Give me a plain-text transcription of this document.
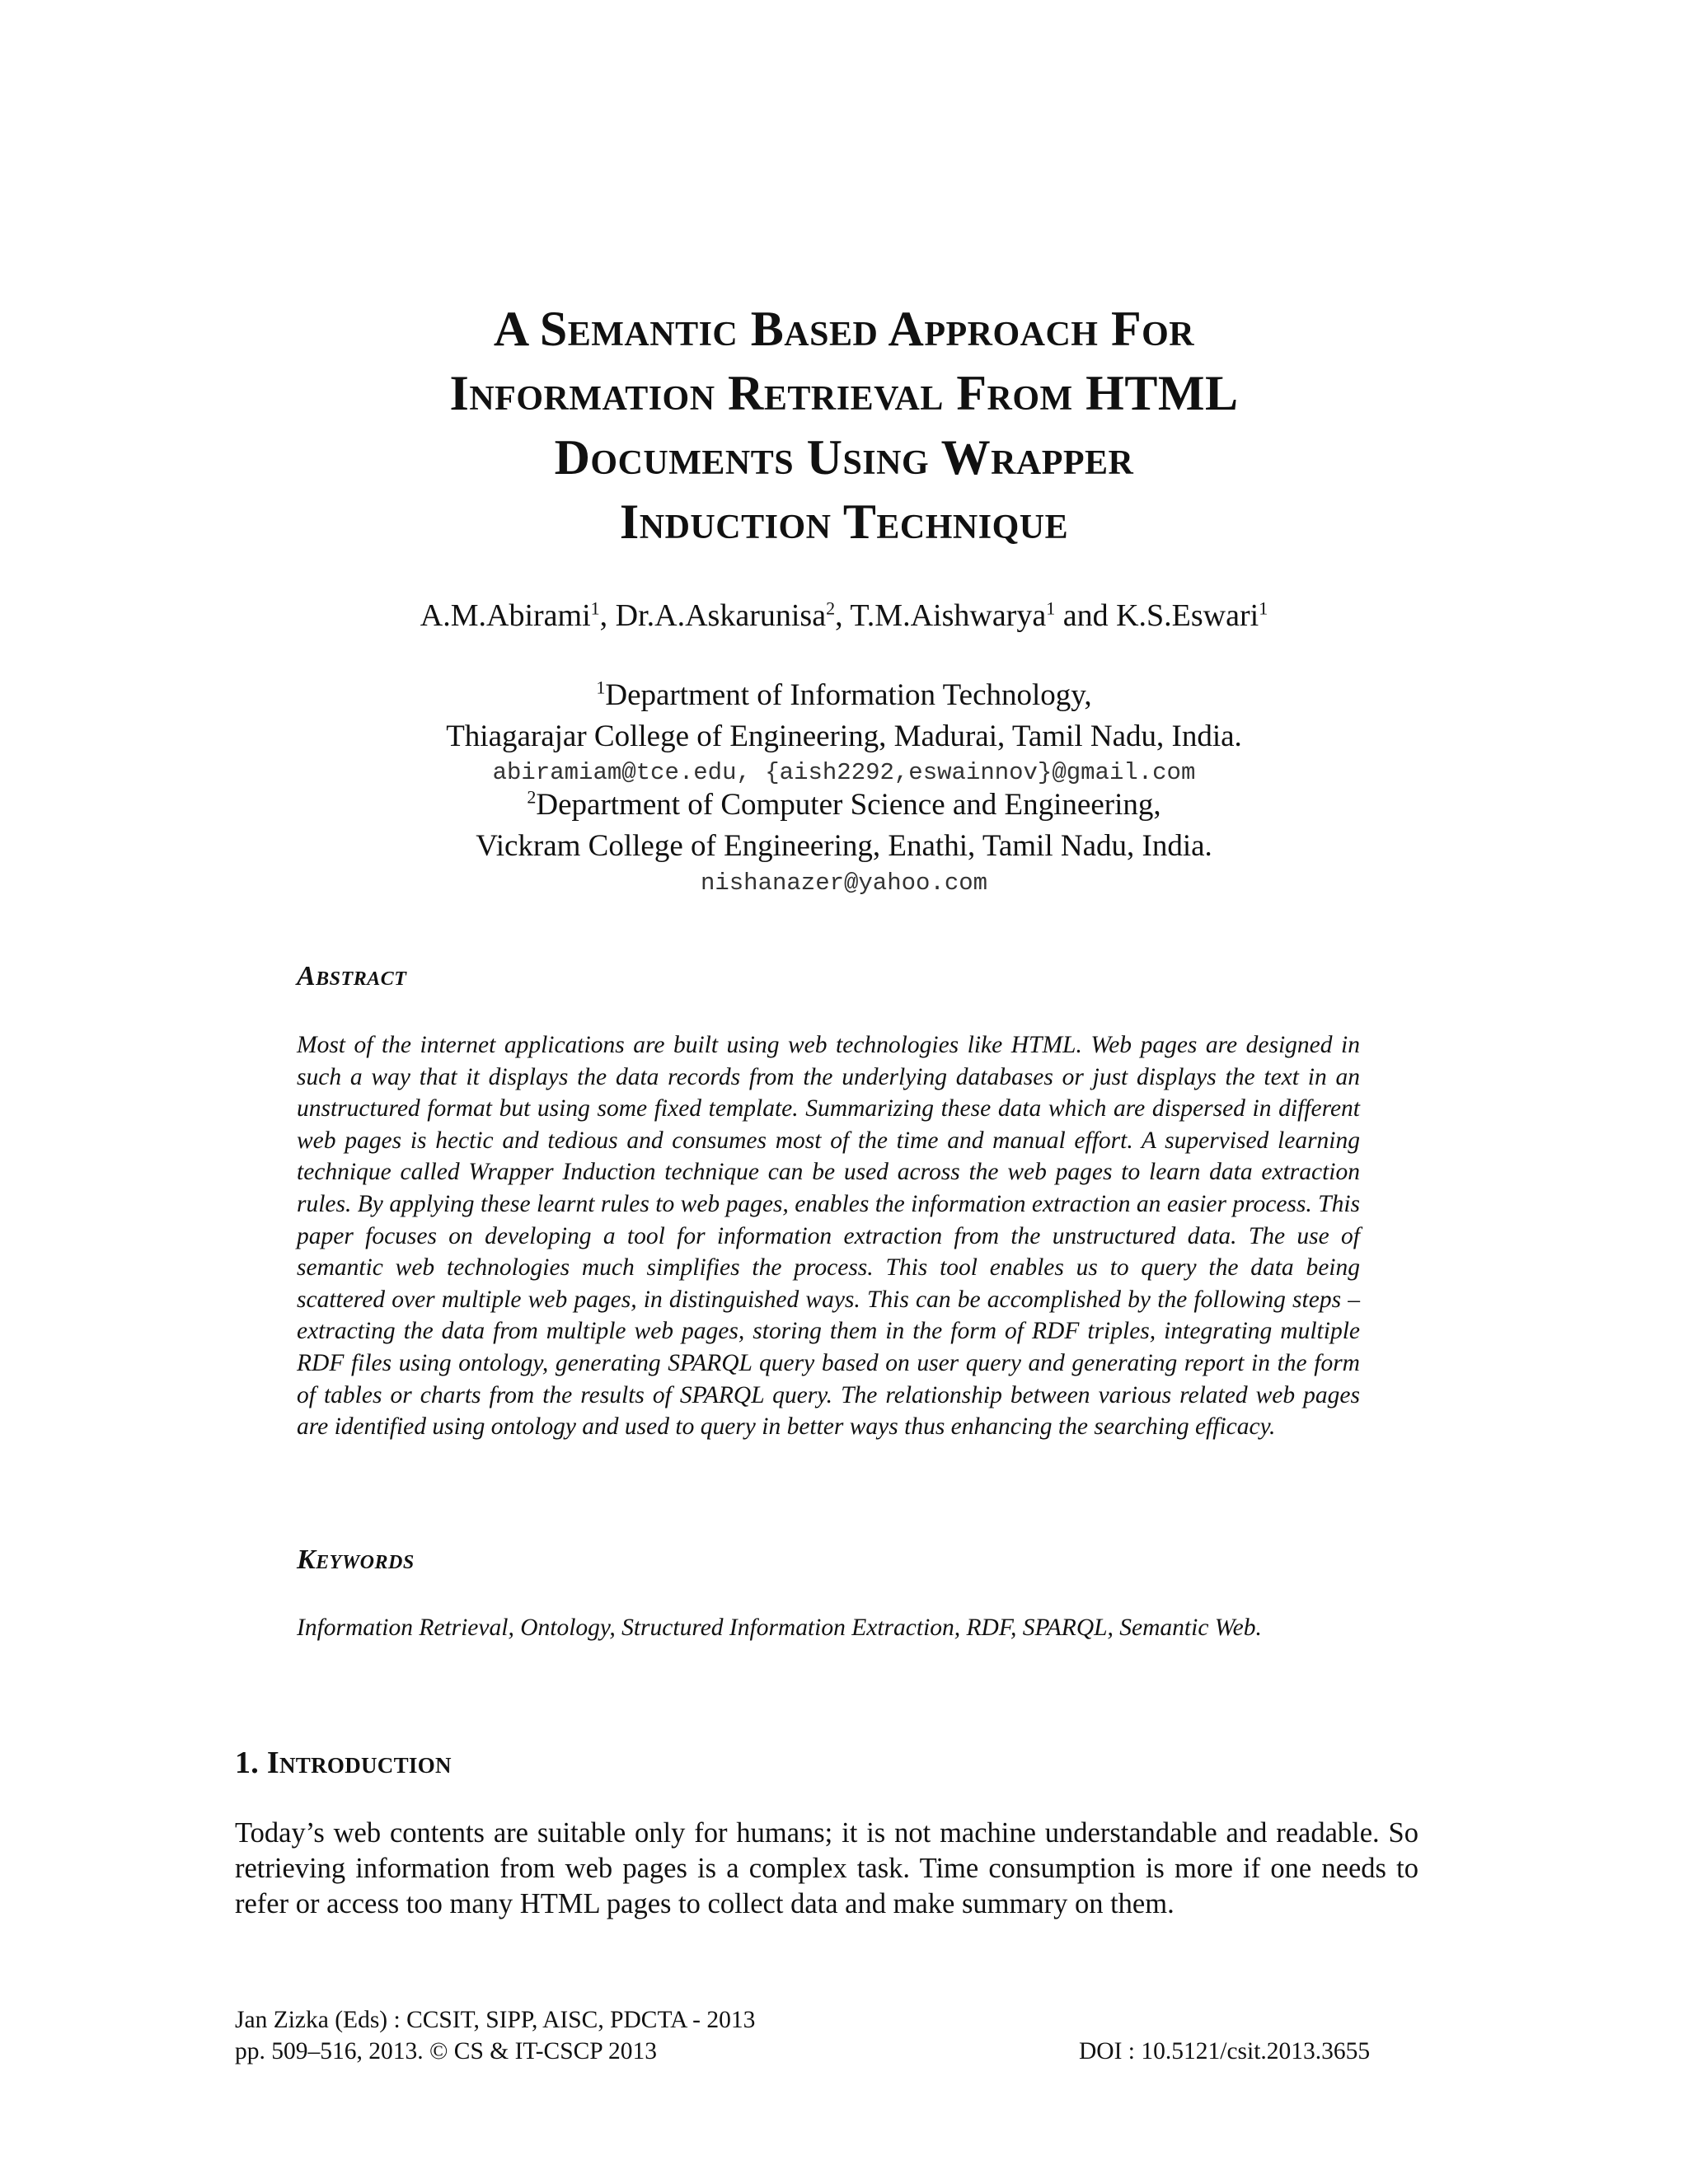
A Semantic Based Approach For
Information Retrieval From HTML
Documents Using Wrapper
Induction Technique
A.M.Abirami$^1$, Dr.A.Askarunisa$^2$, T.M.Aishwarya$^1$ and K.S.Eswari$^1$
$^1$Department of Information Technology,
Thiagarajar College of Engineering, Madurai, Tamil Nadu, India.
abiramiam@tce.edu, {aish2292,eswainnov}@gmail.com
$^2$Department of Computer Science and Engineering,
Vickram College of Engineering, Enathi, Tamil Nadu, India.
nishanazer@yahoo.com
Abstract
Most of the internet applications are built using web technologies like HTML. Web pages are designed in such a way that it displays the data records from the underlying databases or just displays the text in an unstructured format but using some fixed template. Summarizing these data which are dispersed in different web pages is hectic and tedious and consumes most of the time and manual effort. A supervised learning technique called Wrapper Induction technique can be used across the web pages to learn data extraction rules. By applying these learnt rules to web pages, enables the information extraction an easier process. This paper focuses on developing a tool for information extraction from the unstructured data. The use of semantic web technologies much simplifies the process. This tool enables us to query the data being scattered over multiple web pages, in distinguished ways. This can be accomplished by the following steps – extracting the data from multiple web pages, storing them in the form of RDF triples, integrating multiple RDF files using ontology, generating SPARQL query based on user query and generating report in the form of tables or charts from the results of SPARQL query. The relationship between various related web pages are identified using ontology and used to query in better ways thus enhancing the searching efficacy.
Keywords
Information Retrieval, Ontology, Structured Information Extraction, RDF, SPARQL, Semantic Web.
1. Introduction
Today’s web contents are suitable only for humans; it is not machine understandable and readable. So retrieving information from web pages is a complex task. Time consumption is more if one needs to refer or access too many HTML pages to collect data and make summary on them.
Jan Zizka (Eds) : CCSIT, SIPP, AISC, PDCTA - 2013
pp. 509–516, 2013. © CS & IT-CSCP 2013	DOI : 10.5121/csit.2013.3655
